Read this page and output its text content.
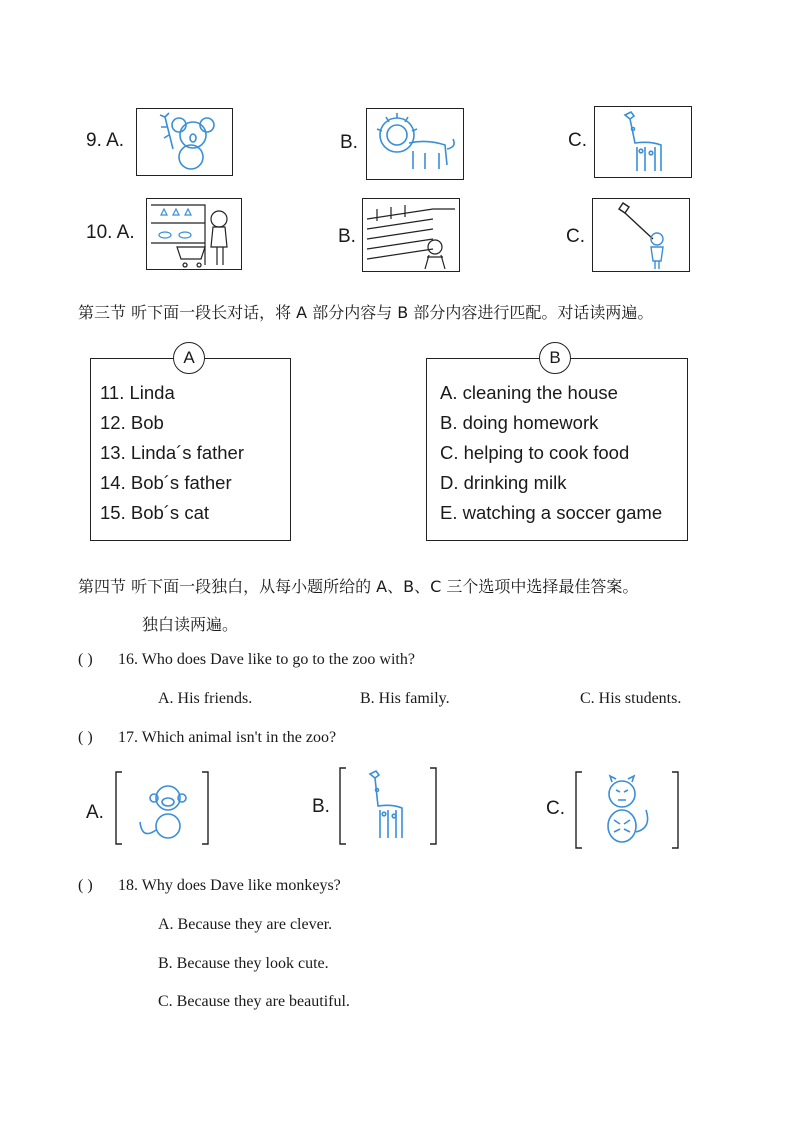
9. A.	B.	C.
10. A.	B.	C.
第三节 听下面一段长对话，将 A 部分内容与 B 部分内容进行匹配。对话读两遍。
A
11. Linda
12. Bob
13. Linda´s father
14. Bob´s father
15. Bob´s cat
B
A. cleaning the house
B. doing homework
C. helping to cook food
D. drinking milk
E. watching a soccer game
第四节 听下面一段独白，从每小题所给的 A、B、C 三个选项中选择最佳答案。
独白读两遍。
( ) 16. Who does Dave like to go to the zoo with?
A. His friends.	B. His family.	C. His students.
( ) 17. Which animal isn't in the zoo?
A.	B.	C.
( ) 18. Why does Dave like monkeys?
A. Because they are clever.
B. Because they look cute.
C. Because they are beautiful.
